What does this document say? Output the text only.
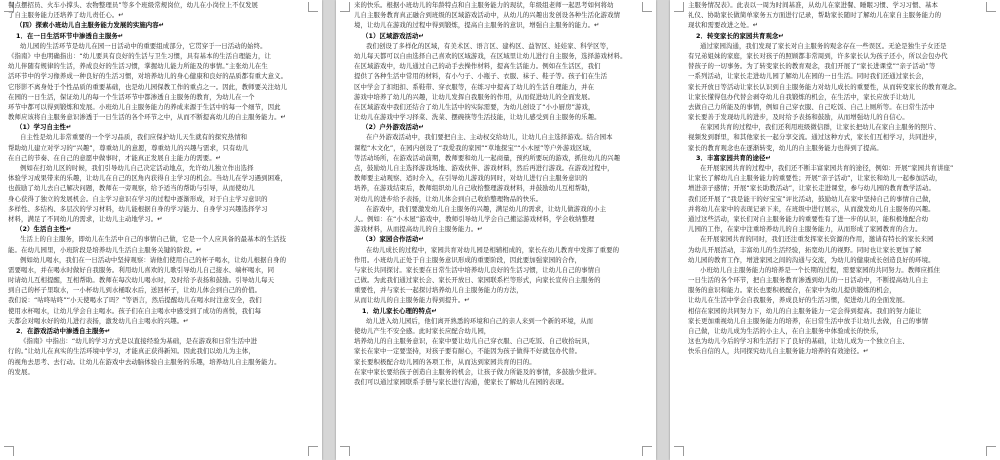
餐点摆招员、火车小撑头、农物整理员”等多个班级常规岗位，幼儿在小岗位上不仅发展
了自主服务能力还培养了幼儿责任心。↵
（四）探索小班幼儿自主服务能力发展的实施内容↵
1．在一日生活环节中渗透自主服务↵
幼儿园的生活环节是幼儿在园一日活动中的重要组成部分，它贯穿于一日活动的始终。
《指南》中也明确指出：“幼儿要具有良好的生活与卫生习惯，具有基本的生活自理能力，让
幼儿伴随有规律的生活，养成良好的生活习惯，掌握幼儿能力所能及的事情。”主张幼儿在生
活环节中的学习像养成一种良好的生活习惯，对培养幼儿的身心健康和良好的品质都有重大意义。
它形影不离身处于个性品质的重要基础，也是幼儿园保教工作的重点之一。因此，教师要关注幼儿
在园的一日生活，保证幼儿的每一个生活环节中都渗透自主服务的教育，为幼儿在一个
环节中都可以得到锻炼和发展。小班幼儿自主服务能力的养成来源于生活中的每一个细节，因此
教师应该将自主服务意识渗透于一日生活的各个环节之中，从而不断提高幼儿的自主服务能力。↵
（1）学习自主性↵
自主性是幼儿非常重要的一个学习品质，我们应保护幼儿天生就有的探究热情和
帮助幼儿建立对学习的“兴趣”，尊重幼儿的意愿，尊重幼儿的兴趣与需求，只有幼儿
在自己的节奏、在自己的意愿中做事时，才能真正发展自主能力的需要。↵
例如在打幼儿区的时候，我们引导幼儿自己决定活动地点，允许幼儿独立作出选择
体验学习成果带来的乐趣，让幼儿在自己的区角内获得自主学习的机会。当幼儿在学习遇到困难，
也鼓励了幼儿去自己解决问题，教师在一旁观察，给予适当的帮助与引导，从而使幼儿
身心获得了独立的发展机会。自主学习意识在学习的过程中逐渐形成，对于自主学习意识的
多样性、多结构、多层次的学习材料，幼儿能根据自身的学习能力、自身学习兴趣选择学习
材料，满足了不同幼儿的需求，让幼儿主动地学习。↵
（2）生活自主性↵
生活上的自主服务，即幼儿在生活中自己的事情自己做，它是一个人应具备的最基本的生活技
能。在幼儿园里，小班阶段是培养幼儿生活自主服务关键的阶段。↵
例如幼儿喝水，我们在一日活动中坚持观察：请他们使用自己的杯子喝水，让幼儿根据自身的
需要喝水，并在喝水时做好自我服务。利用幼儿喜欢的儿歌引导幼儿自己接水、端杯喝水，同
时请幼儿互相提醒，互相帮助。教师在每次幼儿喝水时，及时给予表扬和鼓励。引导幼儿每天
到自己的杯子里取水，一小杯幼儿到水桶取水后，送回杯子，让幼儿体会到自己的价值。
我们说：“咕咚咕咚”“小天使喝水了吗？”等语言，然后提醒幼儿在喝水时注意安全，我们
使用水杯喝水，让幼儿学会自主喝水。孩子们在自主喝水中感受到了成功的喜悦，我们每
天都会对喝水好的幼儿进行表扬，激发幼儿自主喝水的兴趣。↵
2．在游戏活动中渗透自主服务↵
《指南》中指出：“幼儿的学习方式是以直接经验为基础，是在游戏和日常生活中进
行的。”让幼儿在真实的生活环境中学习，才能真正获得新知。因此我们以幼儿为主体，
的视角去思考、去行动。让幼儿在游戏中去动脑体验自主服务的乐趣，培养幼儿自主服务能力。
的发展。
来的快乐。根据小班幼儿的年龄特点和自主服务能力的现状，年级组老师一起思考如何将幼
儿自主服务教育真正融合到班级的区域游戏活动中，从幼儿的兴趣出发创设各种生活化游戏情
境，让幼儿在游戏的过程中得到锻炼，提高自主服务的意识，增强自主服务的能力。↵
（1）区域游戏活动↵
我们创设了多样化的区域，有美术区、语言区、建构区、益智区、娃娃家、科学区等，
幼儿每天都可以自由选择自己喜欢的区域游戏，在区域里让幼儿进行自主服务，选择游戏材料。
在区域游戏中，幼儿通过自己的动手去操作材料，提高生活能力。例如在生活区，我们
提供了各种生活中常用的材料，有小勺子、小瓶子、衣服、袜子、鞋子等。孩子们在生活
区中学会了扣纽扣、系鞋带、穿衣服等，在练习中提高了幼儿的生活自理能力，并在
游戏中培养了幼儿的兴趣，让幼儿发挥自我服务的作用，从而促进幼儿的全面发展。
在区域游戏中我们还结合了幼儿生活中的实际需要，为幼儿创设了“小小厨房”游戏，
让幼儿在游戏中学习择菜、洗菜、摆碗筷等生活技能，让幼儿感受到自主服务的乐趣。
（2）户外游戏活动↵
在户外游戏活动中，我们要把自主、主动权交给幼儿，让幼儿自主选择游戏。结合园本
课程“木文化”，在园内创设了“我爱我的家园”“草地探宝”“小木屋”等户外游戏区域，
等活动场所，在游戏活动前期，教师要和幼儿一起商量，预约所要玩的游戏，抓住幼儿的兴趣
点，鼓励幼儿自主选择游戏场地、游戏伙伴、游戏材料，然后再进行游戏。在游戏过程中，
教师要主动观察、适时介入，在引导幼儿游戏的同时，对幼儿进行自主服务意识的
培养，在游戏结束后，教师组织幼儿自己收拾整理游戏材料，并鼓励幼儿互相帮助，
对幼儿的进步给予表扬，让幼儿体会到自己收拾整理物品的快乐。
在游戏中，我们要激发幼儿自主服务的兴趣，满足幼儿的需求，让幼儿做游戏的小主
人。例如：在“小木屋”游戏中，教师引导幼儿学会自己搬运游戏材料，学会收纳整理
游戏材料，从而提高幼儿的自主服务能力。↵
（3）家园合作活动↵
在幼儿成长的过程中，家园共育对幼儿园是相辅相成的，家长在幼儿教育中发挥了重要的
作用。小班幼儿正处于自主服务意识形成的重要阶段，因此要加强家园的合作，
与家长共同探讨。家长要在日常生活中培养幼儿良好的生活习惯，让幼儿自己的事情自
己做。为此我们通过家长会、家长开放日、家园联系栏等形式，向家长宣传自主服务的
重要性，并与家长一起探讨培养幼儿自主服务能力的方法，
从而让幼儿的自主服务能力得到提升。↵
1．幼儿家长心理的特点↵
幼儿进入幼儿园后，他们离开熟悉的环境和自己的亲人来到一个新的环境，从而
使幼儿产生不安全感。此时家长应配合幼儿园，
培养幼儿的自主服务意识，在家中要让幼儿自己穿衣服、自己吃饭、自己收拾玩具，
家长在家中一定要坚持，对孩子要有耐心，不能因为孩子做得不好就包办代替。
家长要积极配合幼儿园的各项工作，从而达到家园共育的目的。
在家中家长要给孩子创造自主服务的机会，让孩子做力所能及的事情，多鼓励少批评。
我们可以通过家园联系手册与家长进行沟通，使家长了解幼儿在园的表现。
主服务情况表》。此表以一周为时间基准，从幼儿在家进餐、睡眠习惯、学习习惯、基本
礼仪、协助家长做简单家务五方面进行记录，帮助家长随时了解幼儿在家自主服务能力的
现状和需要改进之处。↵
2．转变家长的家园共育观念↵
通过家园沟通，我们发现了家长对自主服务的观念存在一些误区。无论是独生子女还是
有兄弟姐妹的家庭，家长对孩子的照顾都非常周到，许多家长认为孩子还小，所以会包办代
替孩子的一切事务。为了转变家长的教育观念，我们开展了“家长进课堂”“亲子活动”等
一系列活动，让家长走进幼儿园了解幼儿在园的一日生活。同时我们还通过家长会，
家长开放日等活动让家长认识到自主服务能力对幼儿成长的重要性，从而转变家长的教育观念。
让家长懂得包办代替会剥夺幼儿自我锻炼的机会，在生活中，家长应放手让幼儿
去做自己力所能及的事情，例如自己穿衣服、自己吃饭、自己上厕所等。在日常生活中
家长要善于发现幼儿的进步，及时给予表扬和鼓励，从而增强幼儿的自信心。
在家园共育的过程中，我们还利用班级微信群，让家长把幼儿在家自主服务的照片、
视频发到群里，和其他家长一起分享交流。通过这种方式，家长们互相学习，共同进步，
家长的教育观念也在逐渐转变，幼儿的自主服务能力也得到了提高。
3．丰富家园共育的途径↵
在开展家园共育的过程中，我们还不断丰富家园共育的途径，例如：开展“家园共育讲座”
让家长了解幼儿自主服务能力的重要性；开展“亲子活动”，让家长和幼儿一起参加活动，
增进亲子感情；开展“家长助教活动”，让家长走进课堂，参与幼儿园的教育教学活动。
我们还开展了“我是能干的好宝宝”评比活动，鼓励幼儿在家中坚持自己的事情自己做，
并将幼儿在家中的表现记录下来，在班级中进行展示，从而激发幼儿自主服务的兴趣。
通过这些活动，家长们对自主服务能力的重要性有了进一步的认识，能积极地配合幼
儿园的工作，在家中注重培养幼儿的自主服务能力，从而形成了家园教育的合力。
在开展家园共育的同时，我们还注重发挥家长资源的作用，邀请有特长的家长来园
为幼儿开展活动，丰富幼儿的生活经验，拓宽幼儿的视野。同时也让家长更加了解
幼儿园的教育工作，增进家园之间的沟通与交流，为幼儿的健康成长创造良好的环境。
小班幼儿自主服务能力的培养是一个长期的过程，需要家园的共同努力。教师应抓住
一日生活的各个环节，把自主服务教育渗透到幼儿的一日活动中，不断提高幼儿自主
服务的意识和能力。家长也要积极配合，在家中为幼儿提供锻炼的机会，
让幼儿在生活中学会自我服务，养成良好的生活习惯，促进幼儿的全面发展。
相信在家园的共同努力下，幼儿的自主服务能力一定会得到提高。我们的努力能让
家长更加重视幼儿自主服务能力的培养，在日常生活中放手让幼儿去做，自己的事情
自己做，让幼儿成为生活的小主人，在自主服务中体验成长的快乐，
这也为幼儿今后的学习和生活打下了良好的基础，让幼儿成为一个独立自主、
快乐自信的人，共同探究幼儿自主服务能力培养的有效途径。↵
